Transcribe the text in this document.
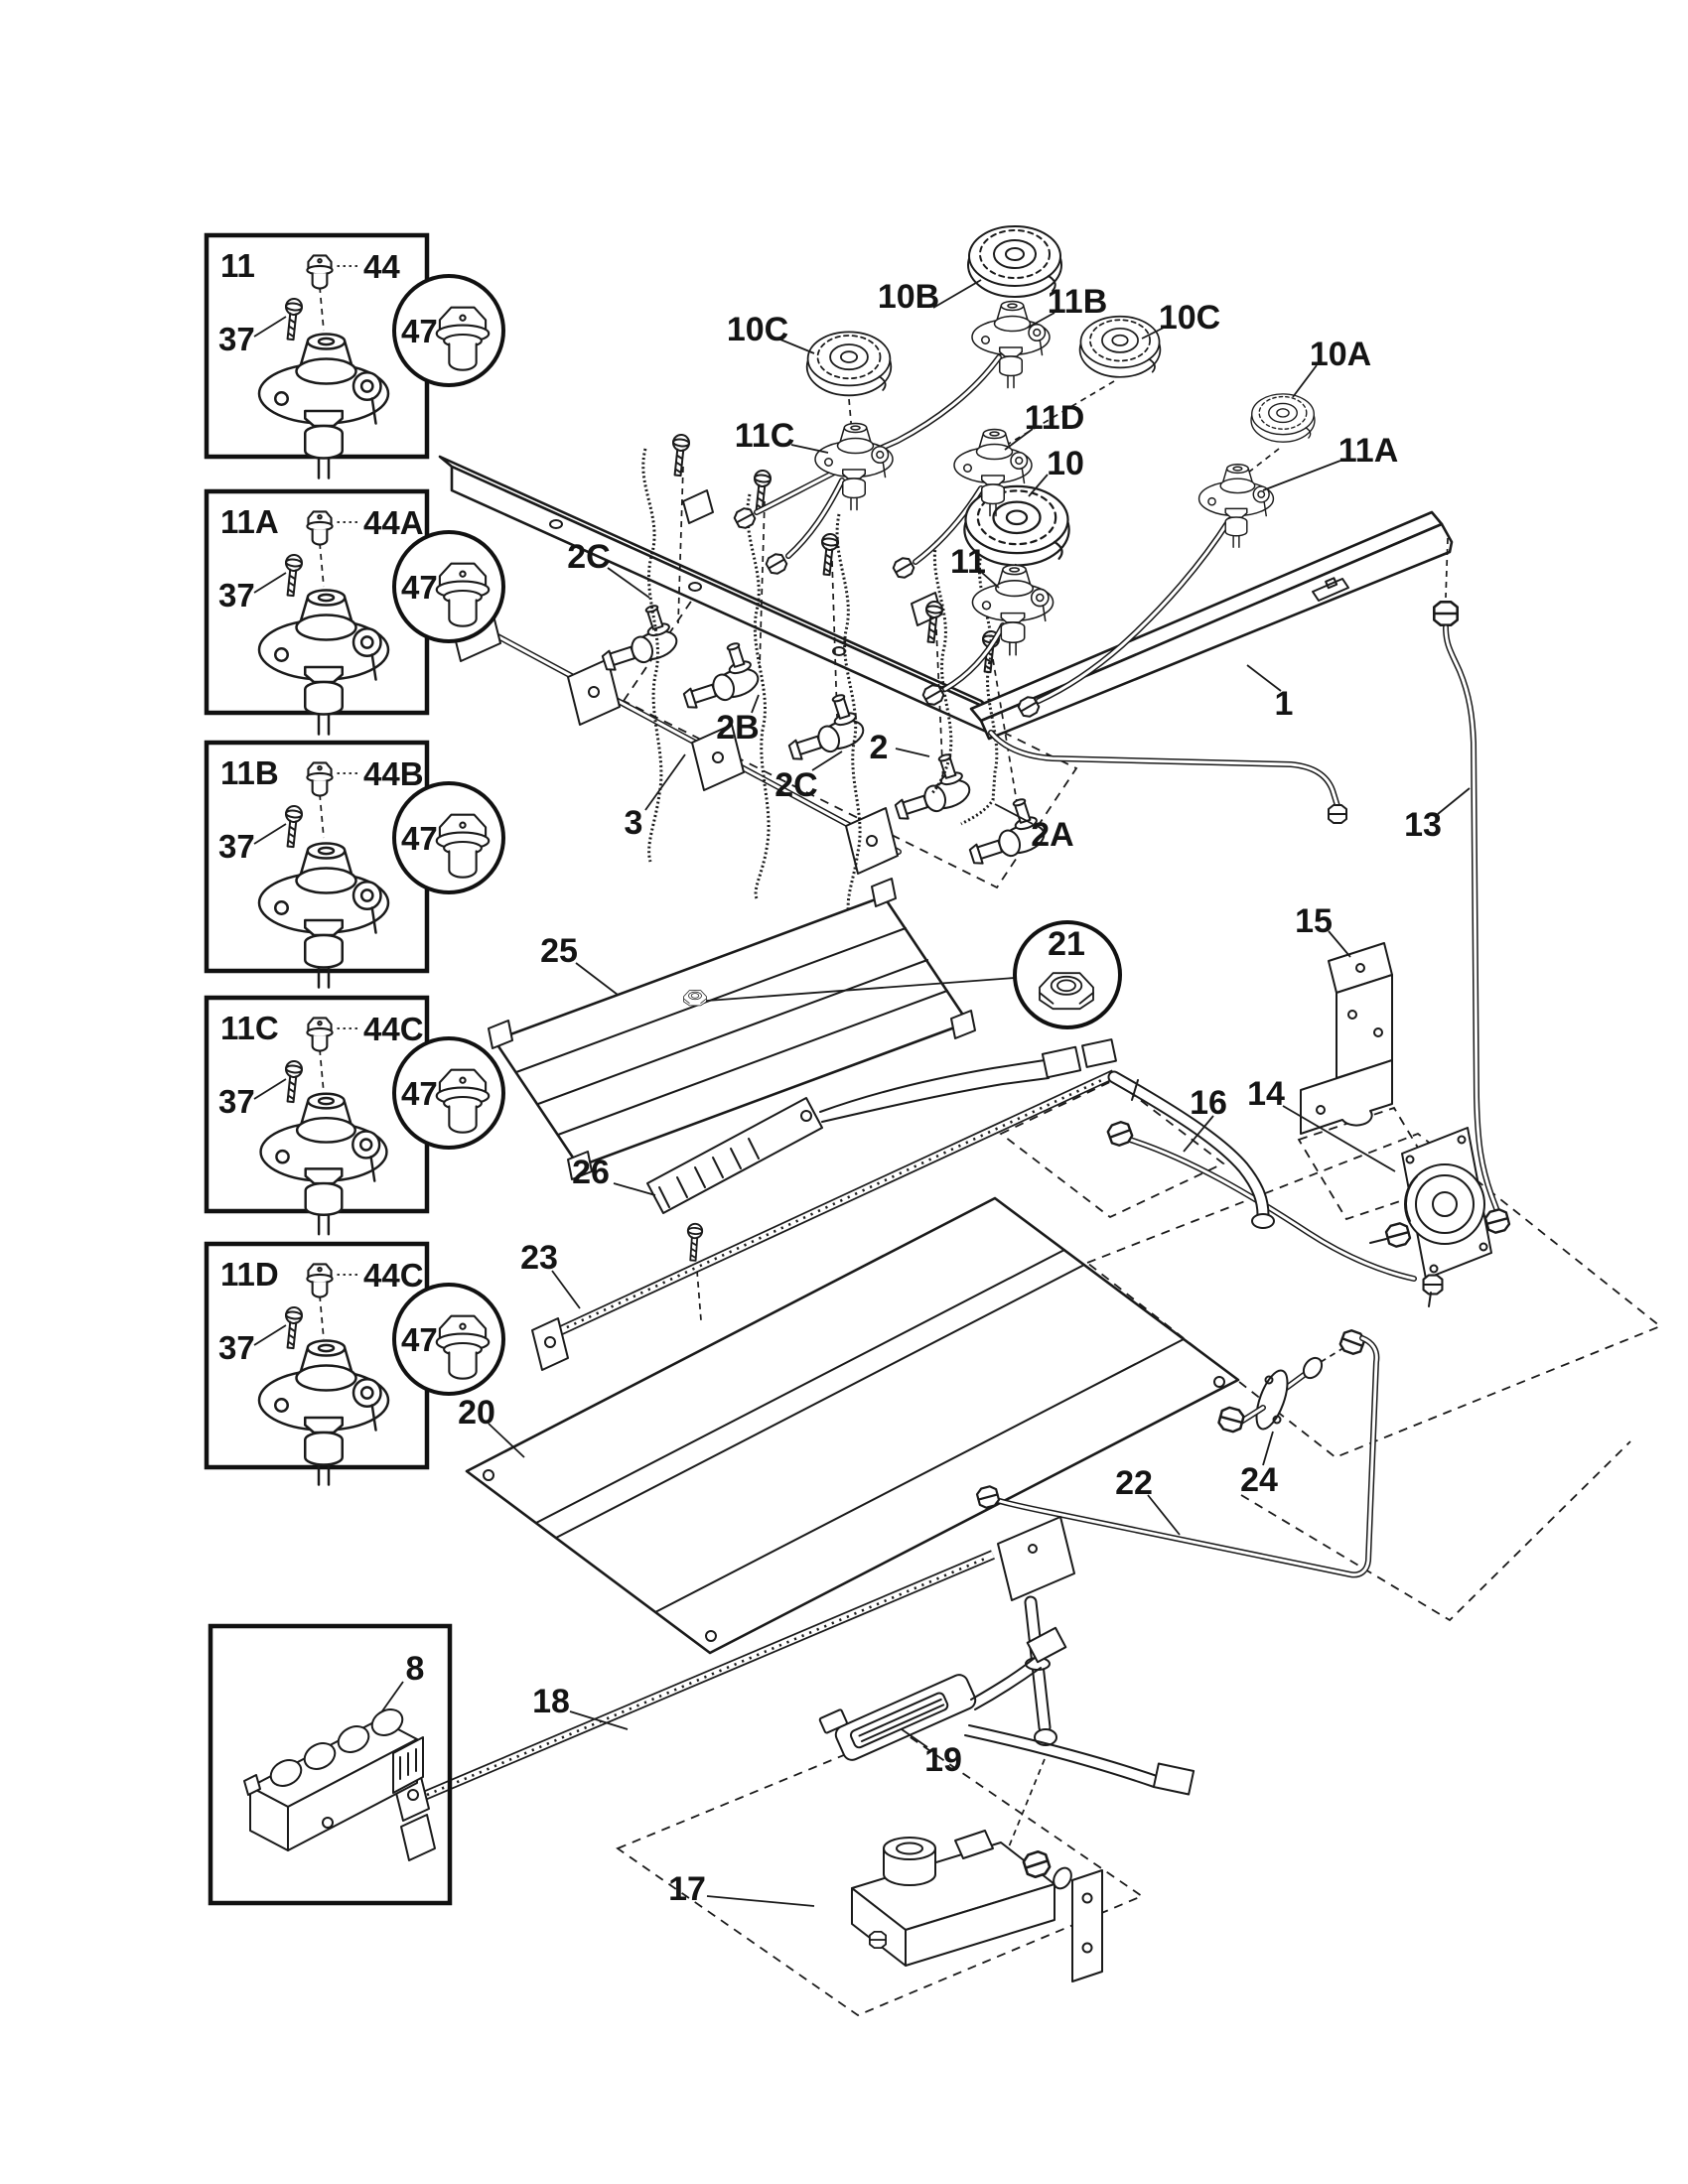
11	44
37	47
11A	44A
37	47
11B	44B
37	47
11C	44C
37	47
11D	44C
37	47
8
10B	11B
10C	10C
10A
11C	11D
10	11A
11
2C
2B
2C
2
2A
3
1
13
15
21
16 14
25
26
23
20
24
22
18
19
17
